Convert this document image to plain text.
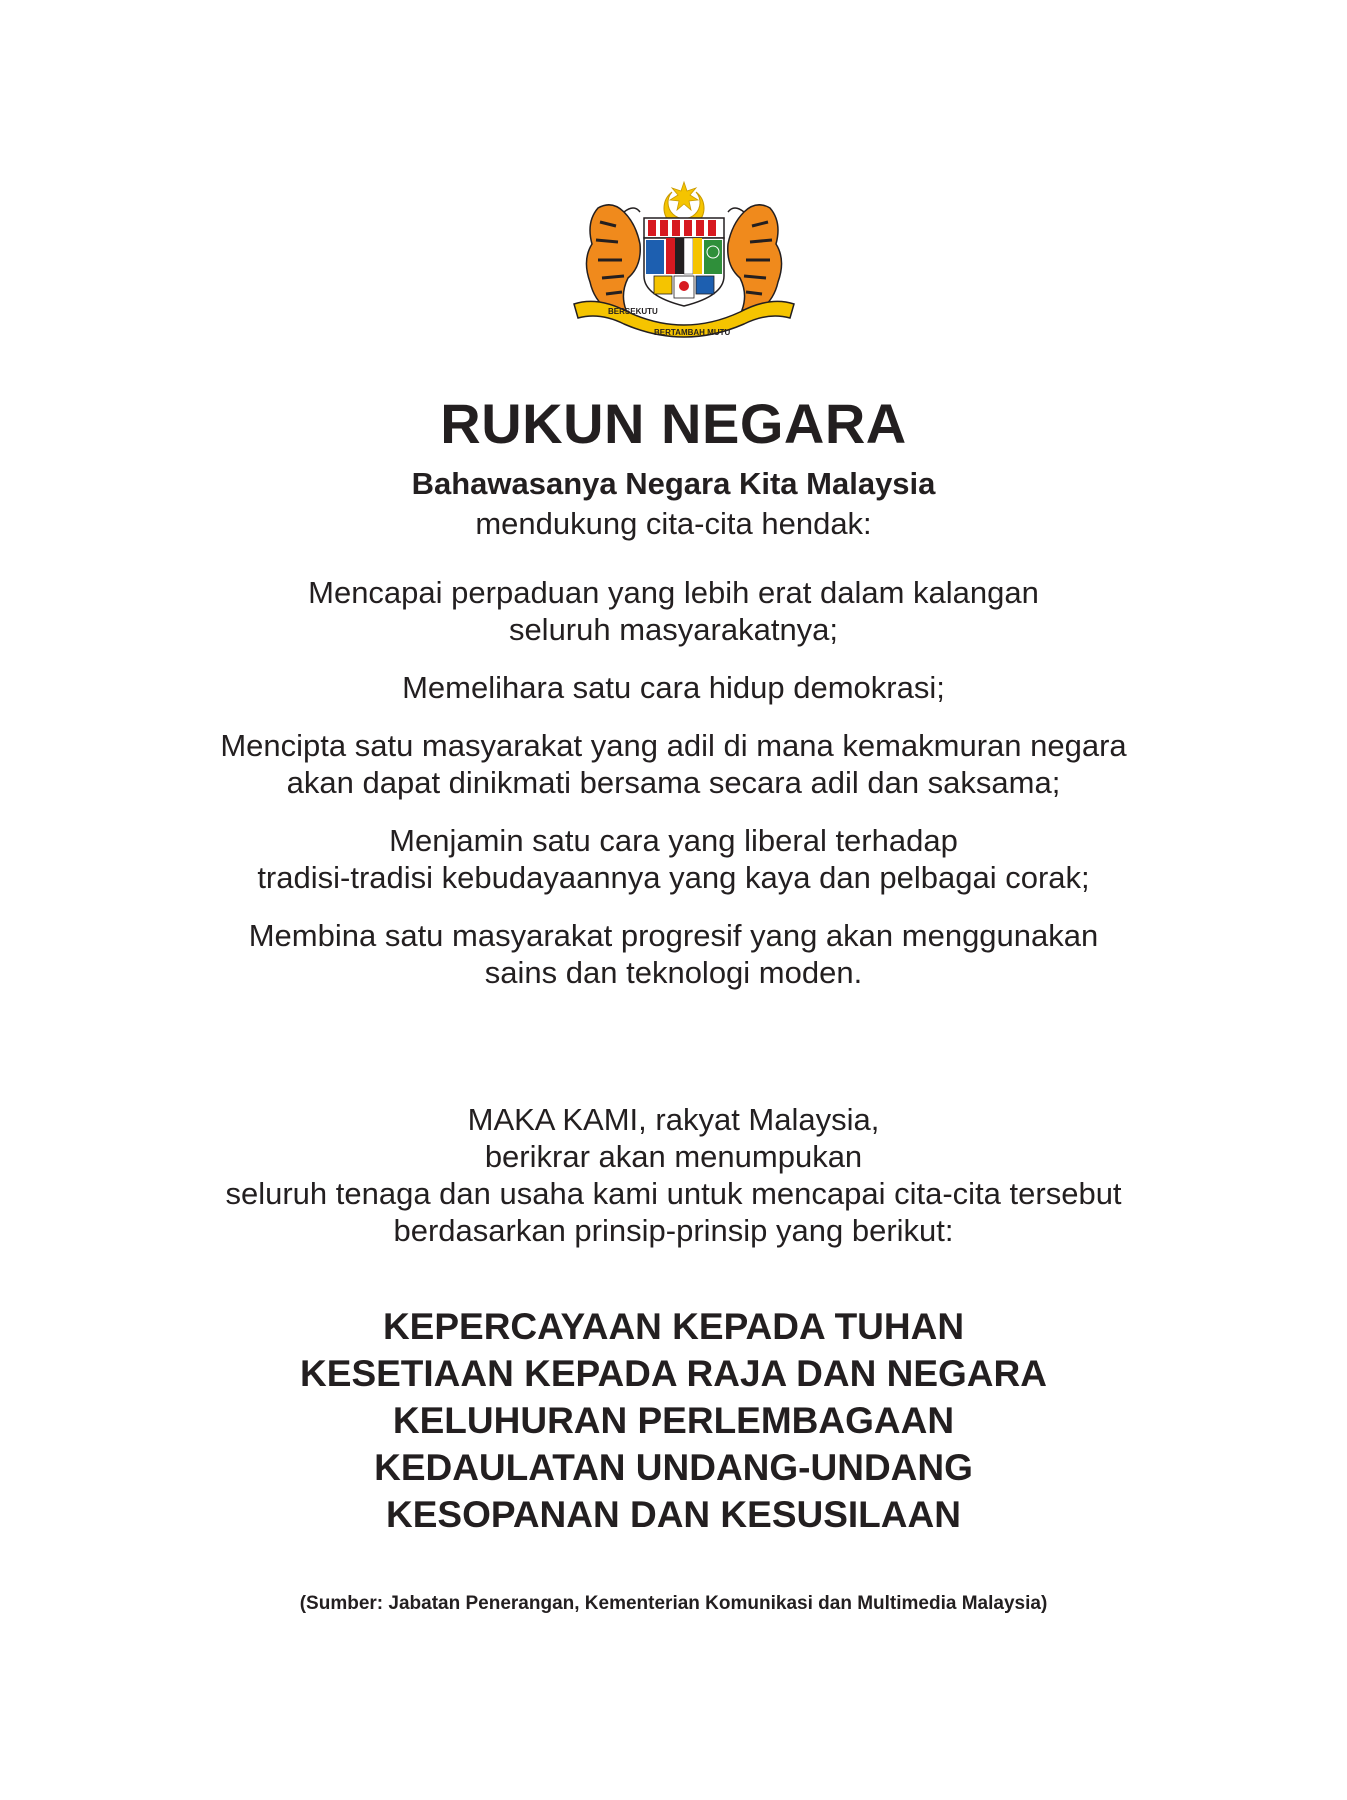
BERSEKUTU
BERTAMBAH MUTU
RUKUN NEGARA
Bahawasanya Negara Kita Malaysia
mendukung cita-cita hendak:
Mencapai perpaduan yang lebih erat dalam kalangan
seluruh masyarakatnya;
Memelihara satu cara hidup demokrasi;
Mencipta satu masyarakat yang adil di mana kemakmuran negara
akan dapat dinikmati bersama secara adil dan saksama;
Menjamin satu cara yang liberal terhadap
tradisi-tradisi kebudayaannya yang kaya dan pelbagai corak;
Membina satu masyarakat progresif yang akan menggunakan
sains dan teknologi moden.
MAKA KAMI, rakyat Malaysia,
berikrar akan menumpukan
seluruh tenaga dan usaha kami untuk mencapai cita-cita tersebut
berdasarkan prinsip-prinsip yang berikut:
KEPERCAYAAN KEPADA TUHAN
KESETIAAN KEPADA RAJA DAN NEGARA
KELUHURAN PERLEMBAGAAN
KEDAULATAN UNDANG-UNDANG
KESOPANAN DAN KESUSILAAN
(Sumber: Jabatan Penerangan, Kementerian Komunikasi dan Multimedia Malaysia)
